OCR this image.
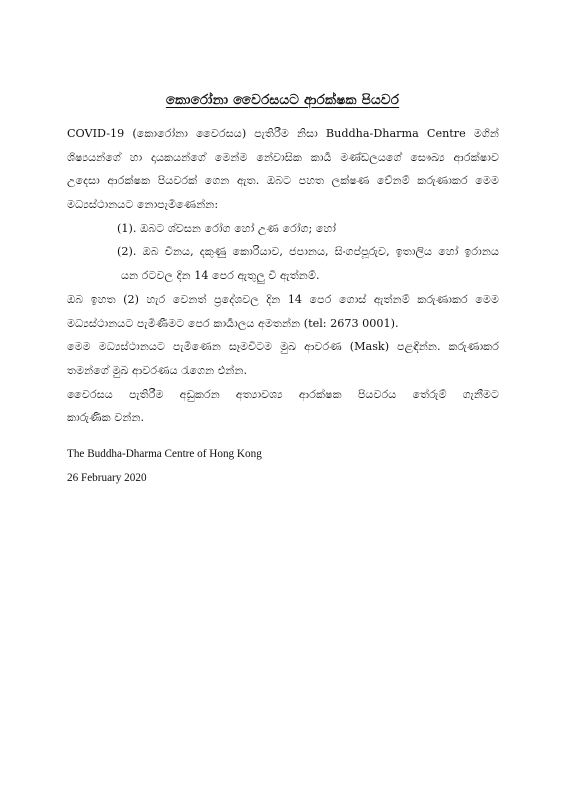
කොරෝනා වෛරසයට ආරක්ෂක පියවර
COVID-19 (කොරෝනා වෛරසය) පැතිරීම නිසා Buddha-Dharma Centre මගින්
ශිෂ්‍යයන්ගේ හා දායකයන්ගේ මෙන්ම නේවාසික කාර්‍ය මණ්ඩලයගේ සෞඛ්‍ය ආරක්ෂාව
උදෙසා ආරක්ෂක පියවරක් ගෙන ඇත. ඔබට පහත ලක්ෂණ වේනම් කරුණාකර මෙම
මධ්‍යස්ථානයට නොපැමිණෙන්න:
(1). ඔබට ශ්වසන රෝග හෝ උණ රෝග; හෝ
(2). ඔබ චීනය, දකුණු කොරියාව, ජපානය, සිංගප්පූරුව, ඉතාලිය හෝ ඉරානය
යන රටවල දින 14 පෙර ඇතුලු වී ඇත්නම්.
ඔබ ඉහත (2) හැර වෙනත් ප්‍රදේශවල දින 14 පෙර ගොස් ඇත්නම් කරුණාකර මෙම
මධ්‍යස්ථානයට පැමිණීමට පෙර කාර්‍යාලය අමතන්න (tel: 2673 0001).
මෙම මධ්‍යස්ථානයට පැමිණෙන සෑමවිටම මුඛ ආවරණ (Mask) පළඳින්න. කරුණාකර
තමන්ගේ මුඛ ආවරණය රැගෙන එන්න.
වෛරසය පැතිරීම අඩුකරන අත්‍යාවශ්‍ය ආරක්ෂක පියවරය තේරුම් ගැනීමට
කාරුණික වන්න.
The Buddha-Dharma Centre of Hong Kong
26 February 2020
